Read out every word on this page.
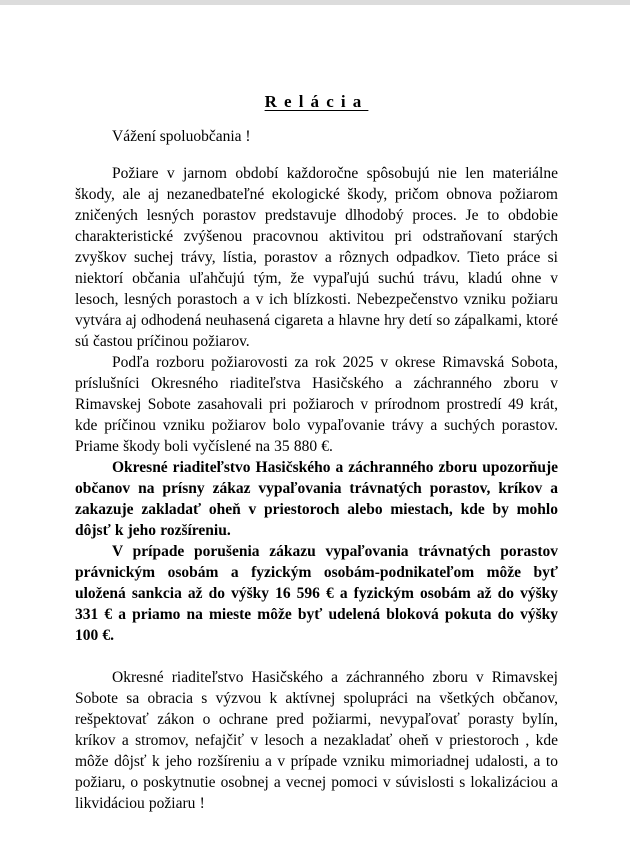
Relácia

Vážení spoluobčania !

Požiare v jarnom období každoročne spôsobujú nie len materiálne škody, ale aj nezanedbateľné ekologické škody, pričom obnova požiarom zničených lesných porastov predstavuje dlhodobý proces. Je to obdobie charakteristické zvýšenou pracovnou aktivitou pri odstraňovaní starých zvyškov suchej trávy, lístia, porastov a rôznych odpadkov. Tieto práce si niektorí občania uľahčujú tým, že vypaľujú suchú trávu, kladú ohne v lesoch, lesných porastoch a v ich blízkosti. Nebezpečenstvo vzniku požiaru vytvára aj odhodená neuhasená cigareta a hlavne hry detí so zápalkami, ktoré sú častou príčinou požiarov.

Podľa rozboru požiarovosti za rok 2025 v okrese Rimavská Sobota, príslušníci Okresného riaditeľstva Hasičského a záchranného zboru v Rimavskej Sobote zasahovali pri požiaroch v prírodnom prostredí 49 krát, kde príčinou vzniku požiarov bolo vypaľovanie trávy a suchých porastov. Priame škody boli vyčíslené na 35 880 €.

Okresné riaditeľstvo Hasičského a záchranného zboru upozorňuje občanov na prísny zákaz vypaľovania trávnatých porastov, kríkov a zakazuje zakladať oheň v priestoroch alebo miestach, kde by mohlo dôjsť k jeho rozšíreniu.

V prípade porušenia zákazu vypaľovania trávnatých porastov právnickým osobám a fyzickým osobám-podnikateľom môže byť uložená sankcia až do výšky 16 596 € a fyzickým osobám až do výšky 331 € a priamo na mieste môže byť udelená bloková pokuta do výšky 100 €.

Okresné riaditeľstvo Hasičského a záchranného zboru v Rimavskej Sobote sa obracia s výzvou k aktívnej spolupráci na všetkých občanov, rešpektovať zákon o ochrane pred požiarmi, nevypaľovať porasty bylín, kríkov a stromov, nefajčiť v lesoch a nezakladať oheň v priestoroch , kde môže dôjsť k jeho rozšíreniu a v prípade vzniku mimoriadnej udalosti, a to požiaru, o poskytnutie osobnej a vecnej pomoci v súvislosti s lokalizáciou a likvidáciou požiaru !
